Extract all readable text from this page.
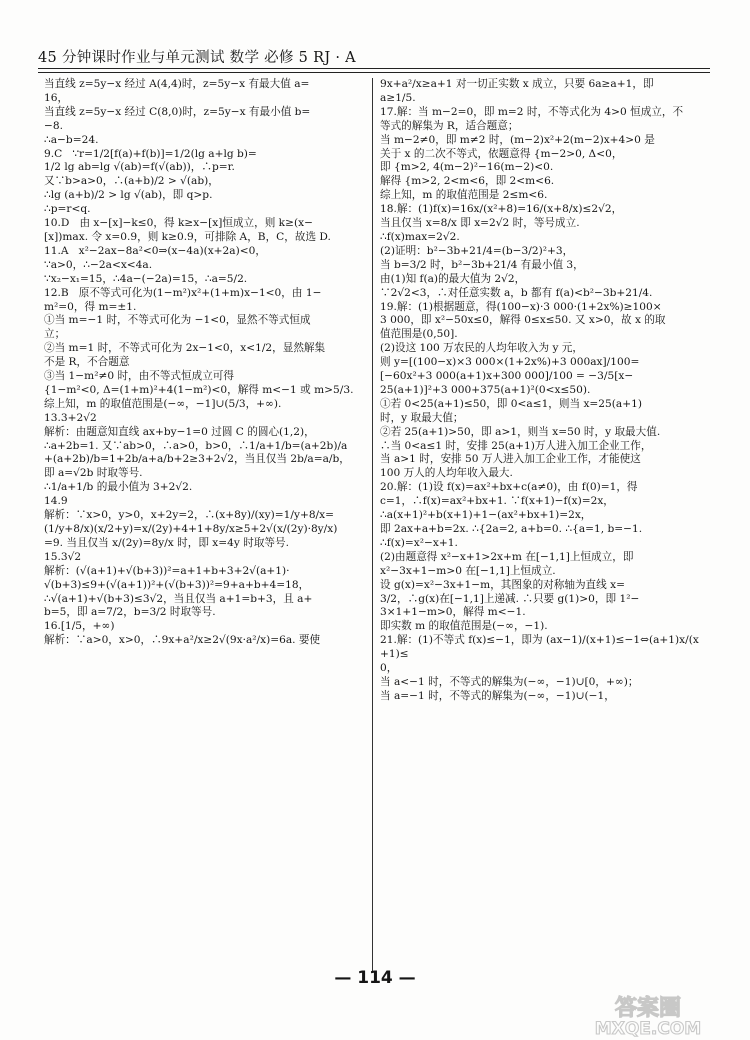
45 分钟课时作业与单元测试 数学 必修 5 RJ · A

当直线 z=5y−x 经过 A(4,4)时，z=5y−x 有最大值 a=

16，

当直线 z=5y−x 经过 C(8,0)时，z=5y−x 有最小值 b=

−8.

∴a−b=24.

9.C   ∵r=1/2[f(a)+f(b)]=1/2(lg a+lg b)=

1/2 lg ab=lg √(ab)=f(√(ab))，∴p=r.

又∵b>a>0，∴(a+b)/2 > √(ab)，

∴lg (a+b)/2 > lg √(ab)，即 q>p.

∴p=r<q.

10.D   由 x−[x]−k≤0，得 k≥x−[x]恒成立，则 k≥(x−

[x])max. 令 x=0.9，则 k≥0.9，可排除 A，B，C，故选 D.

11.A   x²−2ax−8a²<0⇒(x−4a)(x+2a)<0，

∵a>0，∴−2a<x<4a.

∵x₂−x₁=15，∴4a−(−2a)=15，∴a=5/2.

12.B   原不等式可化为(1−m²)x²+(1+m)x−1<0，由 1−

m²=0，得 m=±1.

①当 m=−1 时，不等式可化为 −1<0，显然不等式恒成

立；

②当 m=1 时，不等式可化为 2x−1<0，x<1/2，显然解集

不是 R，不合题意

③当 1−m²≠0 时，由不等式恒成立可得

{1−m²<0, Δ=(1+m)²+4(1−m²)<0，解得 m<−1 或 m>5/3.

综上知，m 的取值范围是(−∞，−1]∪(5/3，+∞).

13.3+2√2

解析：由题意知直线 ax+by−1=0 过圆 C 的圆心(1,2)，

∴a+2b=1. 又∵ab>0，∴a>0，b>0，∴1/a+1/b=(a+2b)/a

+(a+2b)/b=1+2b/a+a/b+2≥3+2√2，当且仅当 2b/a=a/b，

即 a=√2b 时取等号.

∴1/a+1/b 的最小值为 3+2√2.

14.9

解析：∵x>0，y>0，x+2y=2，∴(x+8y)/(xy)=1/y+8/x=

(1/y+8/x)(x/2+y)=x/(2y)+4+1+8y/x≥5+2√(x/(2y)·8y/x)

=9. 当且仅当 x/(2y)=8y/x 时，即 x=4y 时取等号.

15.3√2

解析：(√(a+1)+√(b+3))²=a+1+b+3+2√(a+1)·

√(b+3)≤9+(√(a+1))²+(√(b+3))²=9+a+b+4=18，

∴√(a+1)+√(b+3)≤3√2，当且仅当 a+1=b+3，且 a+

b=5，即 a=7/2，b=3/2 时取等号.

16.[1/5，+∞)

解析：∵a>0，x>0，∴9x+a²/x≥2√(9x·a²/x)=6a. 要使

9x+a²/x≥a+1 对一切正实数 x 成立，只要 6a≥a+1，即

a≥1/5.

17.解：当 m−2=0，即 m=2 时，不等式化为 4>0 恒成立，不

等式的解集为 R，适合题意；

当 m−2≠0，即 m≠2 时，(m−2)x²+2(m−2)x+4>0 是

关于 x 的二次不等式，依题意得 {m−2>0, Δ<0，

即 {m>2, 4(m−2)²−16(m−2)<0.

解得 {m>2, 2<m<6，即 2<m<6.

综上知，m 的取值范围是 2≤m<6.

18.解：(1)f(x)=16x/(x²+8)=16/(x+8/x)≤2√2，

当且仅当 x=8/x 即 x=2√2 时，等号成立.

∴f(x)max=2√2.

(2)证明：b²−3b+21/4=(b−3/2)²+3，

当 b=3/2 时，b²−3b+21/4 有最小值 3，

由(1)知 f(a)的最大值为 2√2，

∵2√2<3，∴对任意实数 a，b 都有 f(a)<b²−3b+21/4.

19.解：(1)根据题意，得(100−x)·3 000·(1+2x%)≥100×

3 000，即 x²−50x≤0，解得 0≤x≤50. 又 x>0，故 x 的取

值范围是(0,50].

(2)设这 100 万农民的人均年收入为 y 元，

则 y=[(100−x)×3 000×(1+2x%)+3 000ax]/100=

[−60x²+3 000(a+1)x+300 000]/100 = −3/5[x−

25(a+1)]²+3 000+375(a+1)²(0<x≤50).

①若 0<25(a+1)≤50，即 0<a≤1，则当 x=25(a+1)

时，y 取最大值；

②若 25(a+1)>50，即 a>1，则当 x=50 时，y 取最大值.

∴当 0<a≤1 时，安排 25(a+1)万人进入加工企业工作，

当 a>1 时，安排 50 万人进入加工企业工作，才能使这

100 万人的人均年收入最大.

20.解：(1)设 f(x)=ax²+bx+c(a≠0)，由 f(0)=1，得

c=1，∴f(x)=ax²+bx+1. ∵f(x+1)−f(x)=2x，

∴a(x+1)²+b(x+1)+1−(ax²+bx+1)=2x，

即 2ax+a+b=2x. ∴{2a=2, a+b=0. ∴{a=1, b=−1.

∴f(x)=x²−x+1.

(2)由题意得 x²−x+1>2x+m 在[−1,1]上恒成立，即

x²−3x+1−m>0 在[−1,1]上恒成立.

设 g(x)=x²−3x+1−m，其图象的对称轴为直线 x=

3/2，∴g(x)在[−1,1]上递减. ∴只要 g(1)>0，即 1²−

3×1+1−m>0，解得 m<−1.

即实数 m 的取值范围是(−∞，−1).

21.解：(1)不等式 f(x)≤−1，即为 (ax−1)/(x+1)≤−1⇔(a+1)x/(x+1)≤

0，

当 a<−1 时，不等式的解集为(−∞，−1)∪[0，+∞)；

当 a=−1 时，不等式的解集为(−∞，−1)∪(−1，

— 114 —
答案圈
MXQE.COM
